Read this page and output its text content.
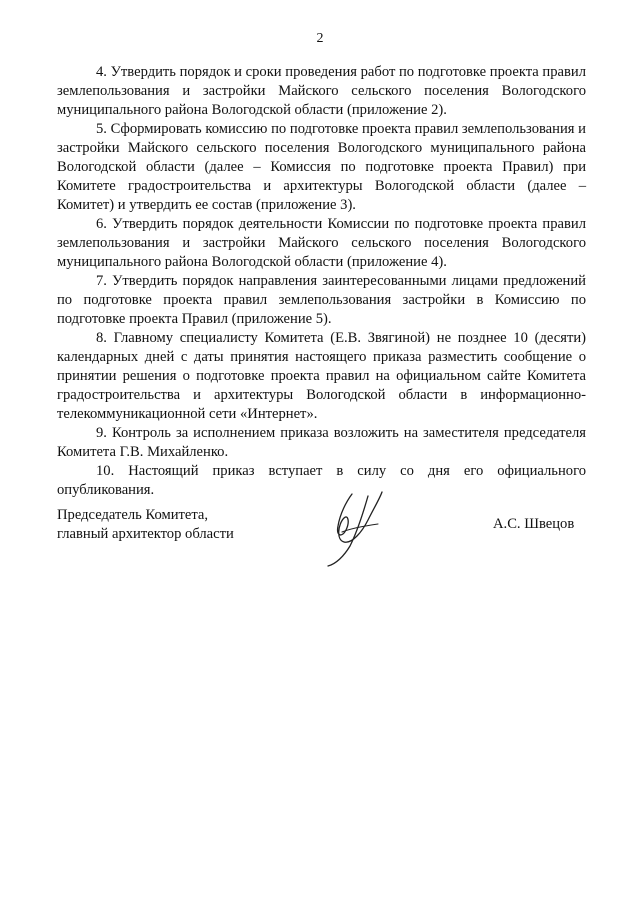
2

4. Утвердить порядок и сроки проведения работ по подготовке проекта правил землепользования и застройки Майского сельского поселения Вологодского муниципального района Вологодской области (приложение 2).

5. Сформировать комиссию по подготовке проекта правил землепользования и застройки Майского сельского поселения Вологодского муниципального района Вологодской области (далее – Комиссия по подготовке проекта Правил) при Комитете градостроительства и архитектуры Вологодской области (далее – Комитет) и утвердить ее состав (приложение 3).

6. Утвердить порядок деятельности Комиссии по подготовке проекта правил землепользования и застройки Майского сельского поселения Вологодского муниципального района Вологодской области (приложение 4).

7. Утвердить порядок направления заинтересованными лицами предложений по подготовке проекта правил землепользования застройки в Комиссию по подготовке проекта Правил (приложение 5).

8. Главному специалисту Комитета (Е.В. Звягиной) не позднее 10 (десяти) календарных дней с даты принятия настоящего приказа разместить сообщение о принятии решения о подготовке проекта правил на официальном сайте Комитета градостроительства и архитектуры Вологодской области в информационно-телекоммуникационной сети «Интернет».

9. Контроль за исполнением приказа возложить на заместителя председателя Комитета Г.В. Михайленко.

10. Настоящий приказ вступает в силу со дня его официального опубликования.

Председатель Комитета,
главный архитектор области
А.С. Швецов
